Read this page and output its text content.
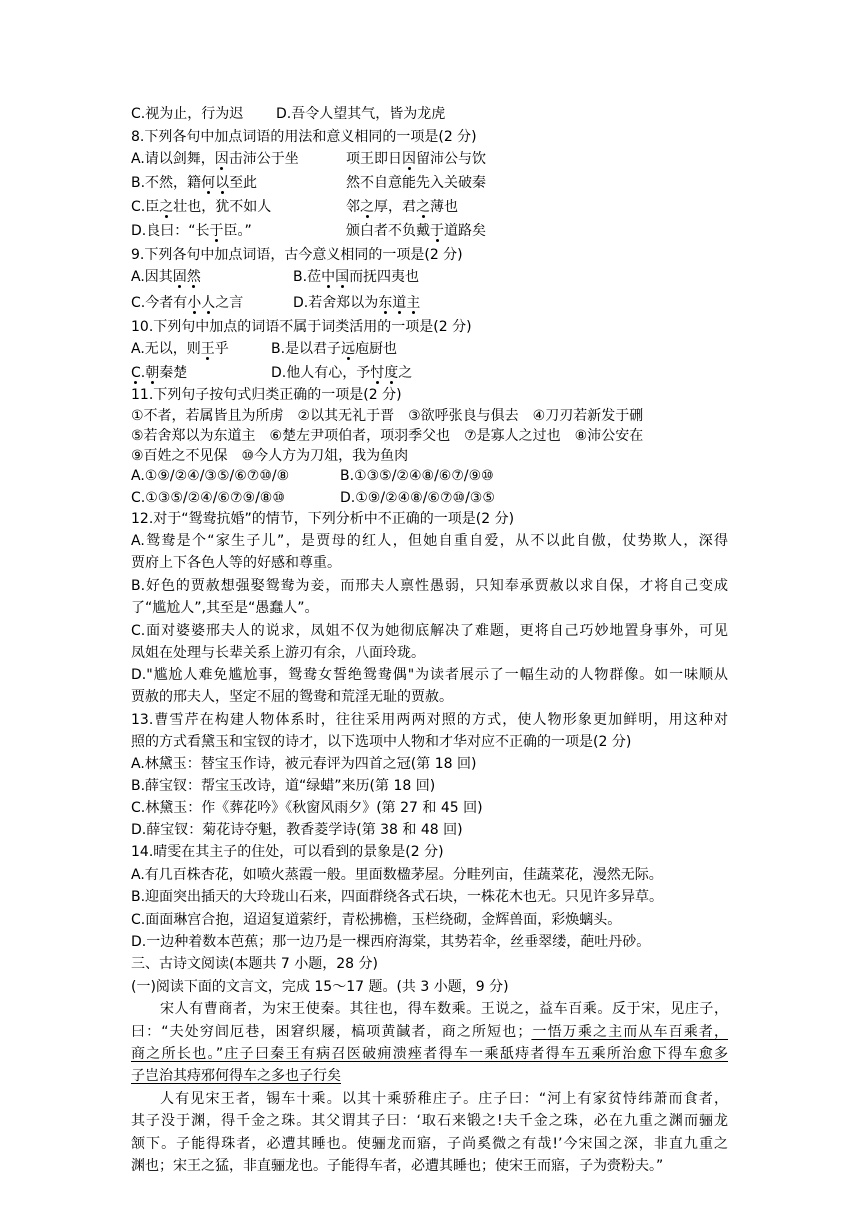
C.视为止，行为迟 D.吾令人望其气，皆为龙虎
8.下列各句中加点词语的用法和意义相同的一项是(2 分)
A.请以剑舞，因击沛公于坐	项王即日因留沛公与饮
B.不然，籍何以至此	然不自意能先入关破秦
C.臣之壮也，犹不如人	邻之厚，君之薄也
D.良曰：“长于臣。”	颁白者不负戴于道路矣
9.下列各句中加点词语，古今意义相同的一项是(2 分)
A.因其固然	B.莅中国而抚四夷也
C.今者有小人之言	D.若舍郑以为东道主
10.下列句中加点的词语不属于词类活用的一项是(2 分)
A.无以，则王乎	B.是以君子远庖厨也
C.朝秦楚	D.他人有心，予忖度之
11.下列句子按句式归类正确的一项是(2 分)
①不者，若属皆且为所虏　②以其无礼于晋　③欲呼张良与俱去　④刀刃若新发于硎
⑤若舍郑以为东道主　⑥楚左尹项伯者，项羽季父也　⑦是寡人之过也　⑧沛公安在
⑨百姓之不见保　⑩今人方为刀俎，我为鱼肉
A.①⑨/②④/③⑤/⑥⑦⑩/⑧	B.①③⑤/②④⑧/⑥⑦/⑨⑩
C.①③⑤/②④/⑥⑦⑨/⑧⑩	D.①⑨/②④⑧/⑥⑦⑩/③⑤
12.对于“鸳鸯抗婚”的情节，下列分析中不正确的一项是(2 分)
A.鸳鸯是个“家生子儿”，是贾母的红人，但她自重自爱，从不以此自傲，仗势欺人，深得
贾府上下各色人等的好感和尊重。
B.好色的贾赦想强娶鸳鸯为妾，而邢夫人禀性愚弱，只知奉承贾赦以求自保，才将自己变成
了“尴尬人”,其至是“愚蠢人”。
C.面对婆婆邢夫人的说求，凤姐不仅为她彻底解决了难题，更将自己巧妙地置身事外，可见
凤姐在处理与长辈关系上游刃有余，八面玲珑。
D."尴尬人难免尴尬事，鸳鸯女誓绝鸳鸯偶"为读者展示了一幅生动的人物群像。如一味顺从
贾赦的邢夫人，坚定不屈的鸳鸯和荒淫无耻的贾赦。
13.曹雪芹在构建人物体系时，往往采用两两对照的方式，使人物形象更加鲜明，用这种对
照的方式看黛玉和宝钗的诗才，以下选项中人物和才华对应不正确的一项是(2 分)
A.林黛玉：替宝玉作诗，被元春评为四首之冠(第 18 回)
B.薛宝钗：帮宝玉改诗，道“绿蜡”来历(第 18 回)
C.林黛玉：作《葬花吟》《秋窗风雨夕》(第 27 和 45 回)
D.薛宝钗：菊花诗夺魁，教香菱学诗(第 38 和 48 回)
14.晴雯在其主子的住处，可以看到的景象是(2 分)
A.有几百株杏花，如喷火蒸霞一般。里面数楹茅屋。分畦列亩，佳蔬菜花，漫然无际。
B.迎面突出插天的大玲珑山石来，四面群绕各式石块，一株花木也无。只见许多异草。
C.面面琳宫合抱，迢迢复道萦纡，青松拂檐，玉栏绕砌，金辉兽面，彩焕螭头。
D.一边种着数本芭蕉；那一边乃是一棵西府海棠，其势若伞，丝垂翠缕，葩吐丹砂。
三、古诗文阅读(本题共 7 小题，28 分)
(一)阅读下面的文言文，完成 15～17 题。(共 3 小题，9 分)
宋人有曹商者，为宋王使秦。其往也，得车数乘。王说之，益车百乘。反于宋，见庄子，
曰：“夫处穷闾厄巷，困窘织屦，槁项黄馘者，商之所短也；一悟万乘之主而从车百乘者，
商之所长也。”庄子曰秦王有病召医破痈溃痤者得车一乘舐痔者得车五乘所治愈下得车愈多
子岂治其痔邪何得车之多也子行矣
人有见宋王者，锡车十乘。以其十乘骄稚庄子。庄子曰：“河上有家贫恃纬萧而食者，
其子没于渊，得千金之珠。其父谓其子曰：‘取石来锻之!夫千金之珠，必在九重之渊而骊龙
颔下。子能得珠者，必遭其睡也。使骊龙而寤，子尚奚微之有哉!’今宋国之深，非直九重之
渊也；宋王之猛，非直骊龙也。子能得车者，必遭其睡也；使宋王而寤，子为赍粉夫。”
